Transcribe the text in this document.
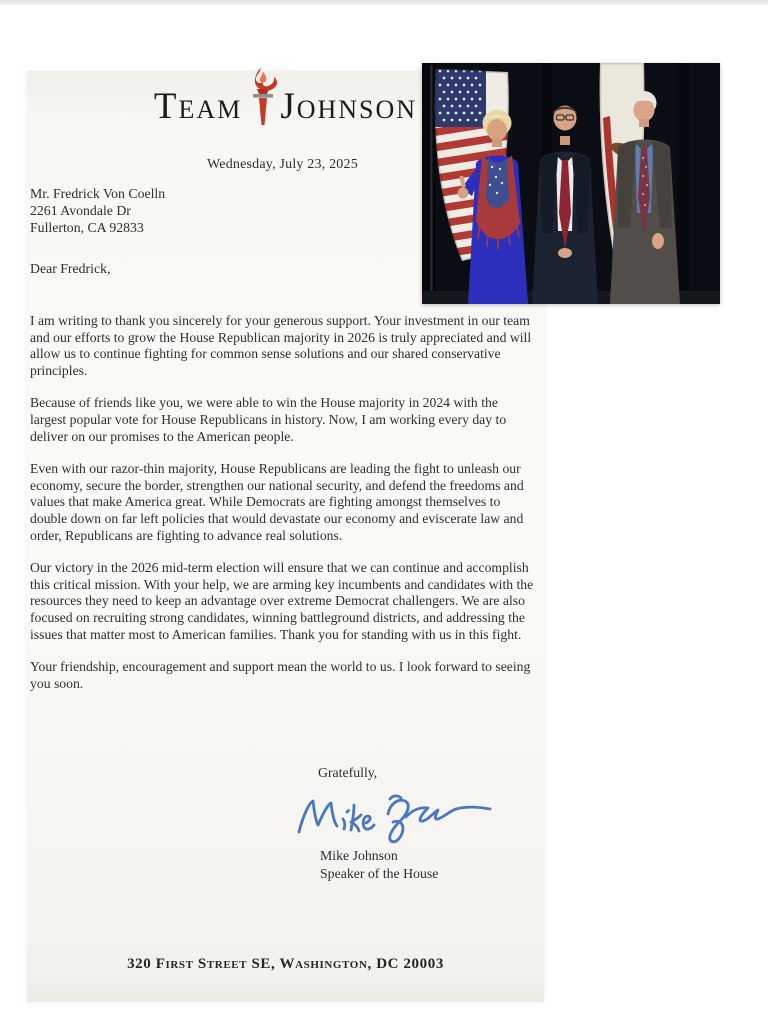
Team Johnson
Wednesday, July 23, 2025
Mr. Fredrick Von Coelln
2261 Avondale Dr
Fullerton, CA 92833
Dear Fredrick,

I am writing to thank you sincerely for your generous support. Your investment in our team and our efforts to grow the House Republican majority in 2026 is truly appreciated and will allow us to continue fighting for common sense solutions and our shared conservative principles.

Because of friends like you, we were able to win the House majority in 2024 with the largest popular vote for House Republicans in history. Now, I am working every day to deliver on our promises to the American people.

Even with our razor-thin majority, House Republicans are leading the fight to unleash our economy, secure the border, strengthen our national security, and defend the freedoms and values that make America great. While Democrats are fighting amongst themselves to double down on far left policies that would devastate our economy and eviscerate law and order, Republicans are fighting to advance real solutions.

Our victory in the 2026 mid-term election will ensure that we can continue and accomplish this critical mission. With your help, we are arming key incumbents and candidates with the resources they need to keep an advantage over extreme Democrat challengers. We are also focused on recruiting strong candidates, winning battleground districts, and addressing the issues that matter most to American families. Thank you for standing with us in this fight.

Your friendship, encouragement and support mean the world to us. I look forward to seeing you soon.

Gratefully,
Mike Johnson
Speaker of the House
320 First Street SE, Washington, DC 20003
